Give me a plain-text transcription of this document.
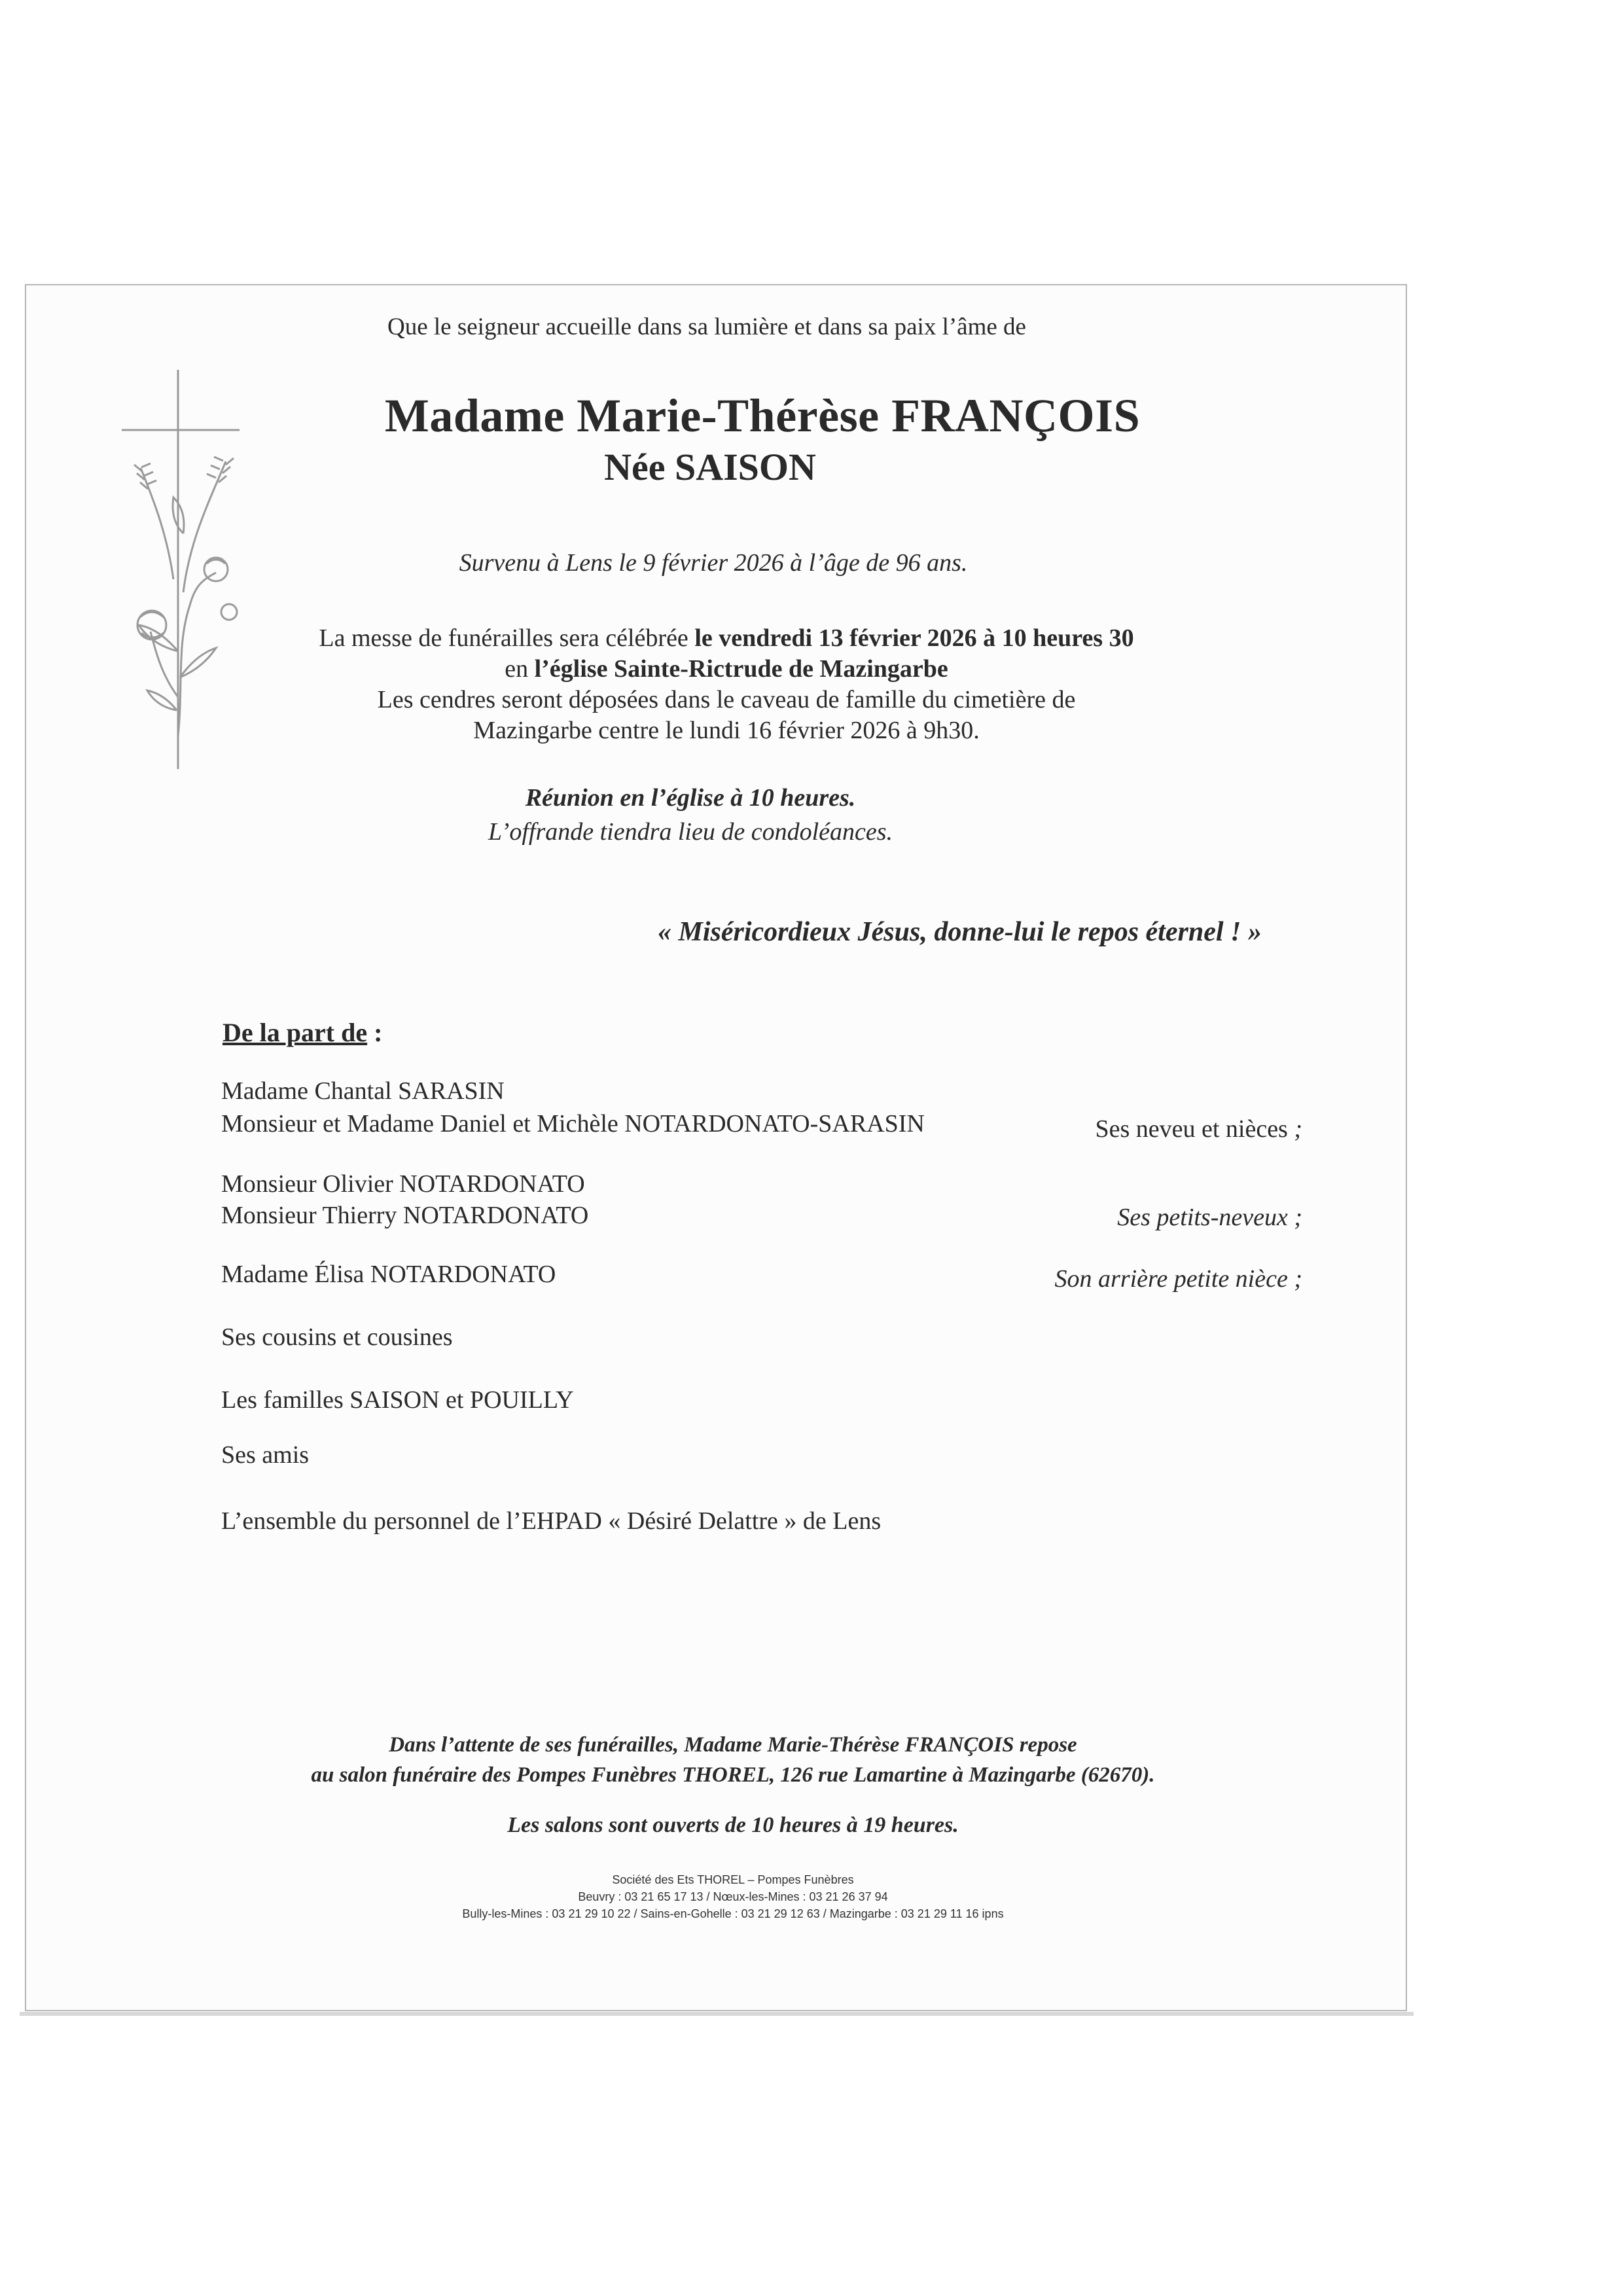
Que le seigneur accueille dans sa lumière et dans sa paix l’âme de
Madame Marie-Thérèse FRANÇOIS
Née SAISON
Survenu à Lens le 9 février 2026 à l’âge de 96 ans.
La messe de funérailles sera célébrée le vendredi 13 février 2026 à 10 heures 30
en l’église Sainte-Rictrude de Mazingarbe
Les cendres seront déposées dans le caveau de famille du cimetière de
Mazingarbe centre le lundi 16 février 2026 à 9h30.
Réunion en l’église à 10 heures.
L’offrande tiendra lieu de condoléances.
« Miséricordieux Jésus, donne-lui le repos éternel ! »
De la part de :
Madame Chantal SARASIN
Monsieur et Madame Daniel et Michèle NOTARDONATO-SARASIN
Monsieur Olivier NOTARDONATO
Monsieur Thierry NOTARDONATO
Madame Élisa NOTARDONATO
Ses cousins et cousines
Les familles SAISON et POUILLY
Ses amis
L’ensemble du personnel de l’EHPAD « Désiré Delattre » de Lens
Ses neveu et nièces ;
Ses petits-neveux ;
Son arrière petite nièce ;
Dans l’attente de ses funérailles, Madame Marie-Thérèse FRANÇOIS repose
au salon funéraire des Pompes Funèbres THOREL, 126 rue Lamartine à Mazingarbe (62670).
Les salons sont ouverts de 10 heures à 19 heures.
Société des Ets THOREL – Pompes Funèbres
Beuvry : 03 21 65 17 13 / Nœux-les-Mines : 03 21 26 37 94
Bully-les-Mines : 03 21 29 10 22 / Sains-en-Gohelle : 03 21 29 12 63 / Mazingarbe : 03 21 29 11 16 ipns
